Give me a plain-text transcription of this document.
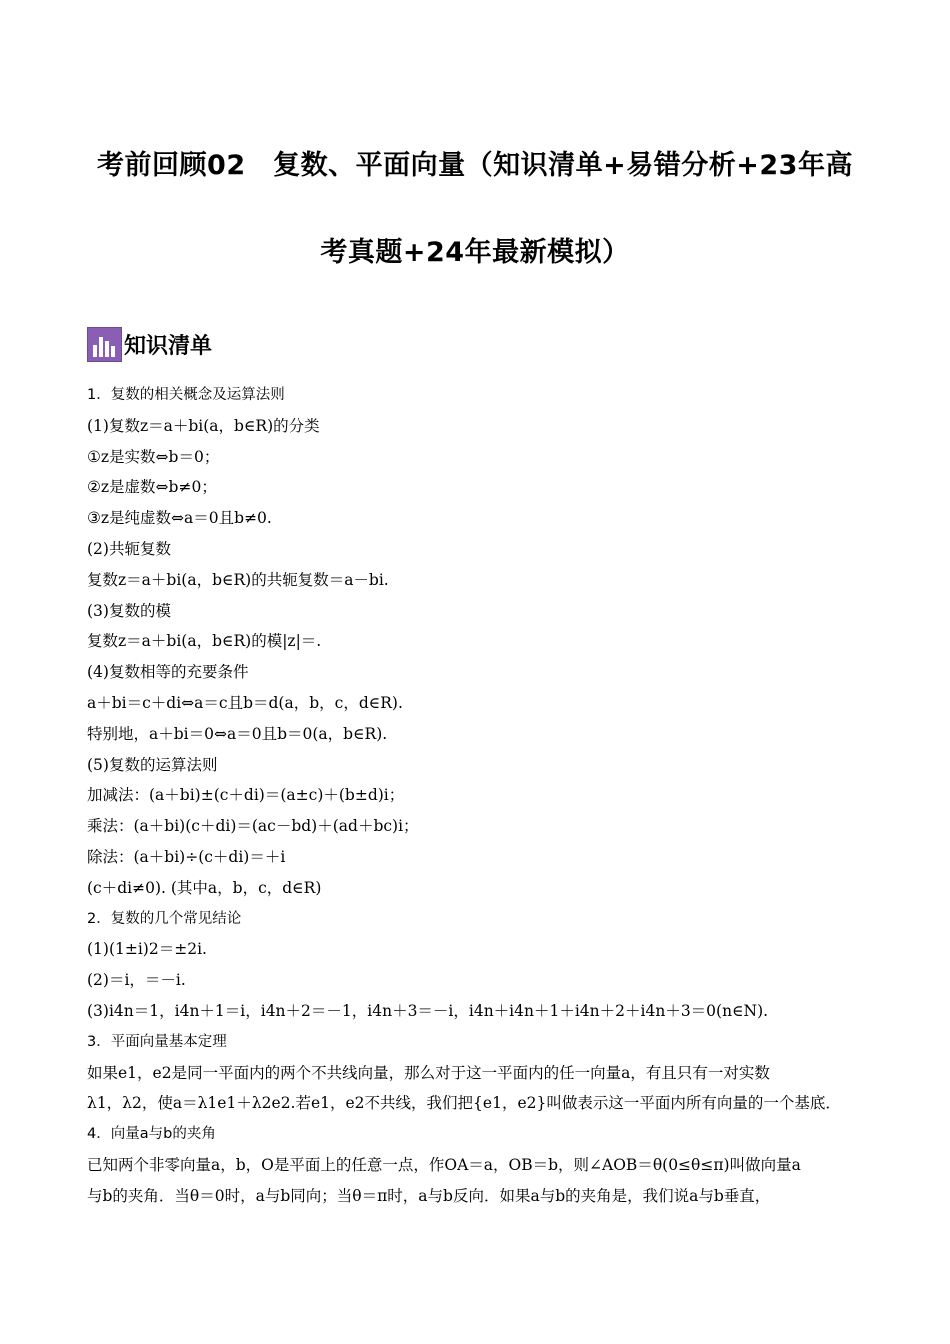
考前回顾02　复数、平面向量（知识清单+易错分析+23年高
考真题+24年最新模拟）
知识清单
1．复数的相关概念及运算法则
(1)复数z＝a＋bi(a，b∈R)的分类
①z是实数⇔b＝0；
②z是虚数⇔b≠0；
③z是纯虚数⇔a＝0且b≠0.
(2)共轭复数
复数z＝a＋bi(a，b∈R)的共轭复数＝a－bi.
(3)复数的模
复数z＝a＋bi(a，b∈R)的模|z|＝.
(4)复数相等的充要条件
a＋bi＝c＋di⇔a＝c且b＝d(a，b，c，d∈R).
特别地，a＋bi＝0⇔a＝0且b＝0(a，b∈R).
(5)复数的运算法则
加减法：(a＋bi)±(c＋di)＝(a±c)＋(b±d)i；
乘法：(a＋bi)(c＋di)＝(ac－bd)＋(ad＋bc)i；
除法：(a＋bi)÷(c＋di)＝＋i
(c＋di≠0). (其中a，b，c，d∈R)
2．复数的几个常见结论
(1)(1±i)2＝±2i.
(2)＝i，＝－i.
(3)i4n＝1，i4n＋1＝i，i4n＋2＝－1，i4n＋3＝－i，i4n＋i4n＋1＋i4n＋2＋i4n＋3＝0(n∈N).
3．平面向量基本定理
如果e1，e2是同一平面内的两个不共线向量，那么对于这一平面内的任一向量a，有且只有一对实数
λ1，λ2，使a＝λ1e1＋λ2e2.若e1，e2不共线，我们把{e1，e2}叫做表示这一平面内所有向量的一个基底．
4．向量a与b的夹角
已知两个非零向量a，b，O是平面上的任意一点，作OA＝a，OB＝b，则∠AOB＝θ(0≤θ≤π)叫做向量a
与b的夹角．当θ＝0时，a与b同向；当θ＝π时，a与b反向．如果a与b的夹角是，我们说a与b垂直，
